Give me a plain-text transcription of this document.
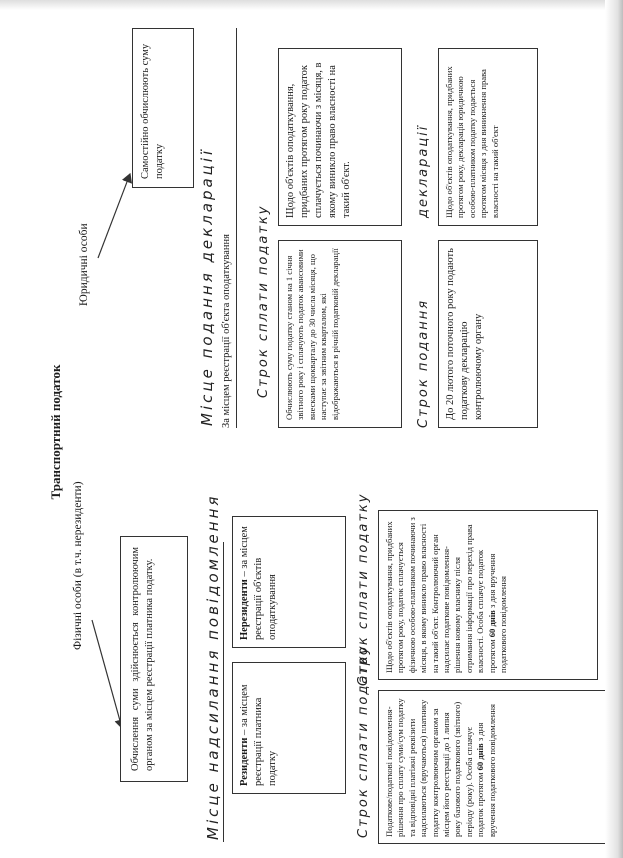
Транспортний податок
Фізичні особи (в т.ч. нерезиденти)
Юридичні особи
Обчислення суми здійснюється контролюючим органом за місцем реєстрації платника податку.	Місце надсилання повідомлення	Резиденти – за місцем реєстрації платника податку
Нерезиденти – за місцем реєстрації об'єктів оподаткування
Строк сплати податку
Строк сплати податку
Податкове/податкові повідомлення-рішення про сплату суми/сум податку та відповідні платіжні реквізити надсилаються (вручаються) платнику податку контролюючим органом за місцем його реєстрації до 1 липня року базового податкового (звітного) періоду (року). Особа сплачує податок протягом 60 днів з дня вручення податкового повідомлення
Щодо об'єктів оподаткування, придбаних протягом року, податок сплачується фізичною особою-платником починаючи з місяця, в якому виникло право власності на такий об'єкт. Контролюючий орган надсилає податкове повідомлення-рішення новому власнику після отримання інформації про перехід права власності. Особа сплачує податок протягом 60 днів з дня вручення податкового повідомлення
Самостійно обчислюють суму податку	Місце подання декларації За місцем реєстрації об'єкта оподаткування	Строк сплати податку	Обчислюють суму податку станом на 1 січня звітного року і сплачують податок авансовими внесками щокварталу до 30 числа місяця, що наступає за звітним кварталом, які відображаються в річній податковій декларації
Щодо об'єктів оподаткування, придбаних протягом року податок сплачується починаючи з місяця, в якому виникло право власності на такий об'єкт.
Строк подання
декларації
До 20 лютого поточного року подають податкову декларацію контролюючому органу
Щодо об'єктів оподаткування, придбаних протягом року, декларація юридичною особою-платником податку подається протягом місяця з дня виникнення права власності на такий об'єкт
